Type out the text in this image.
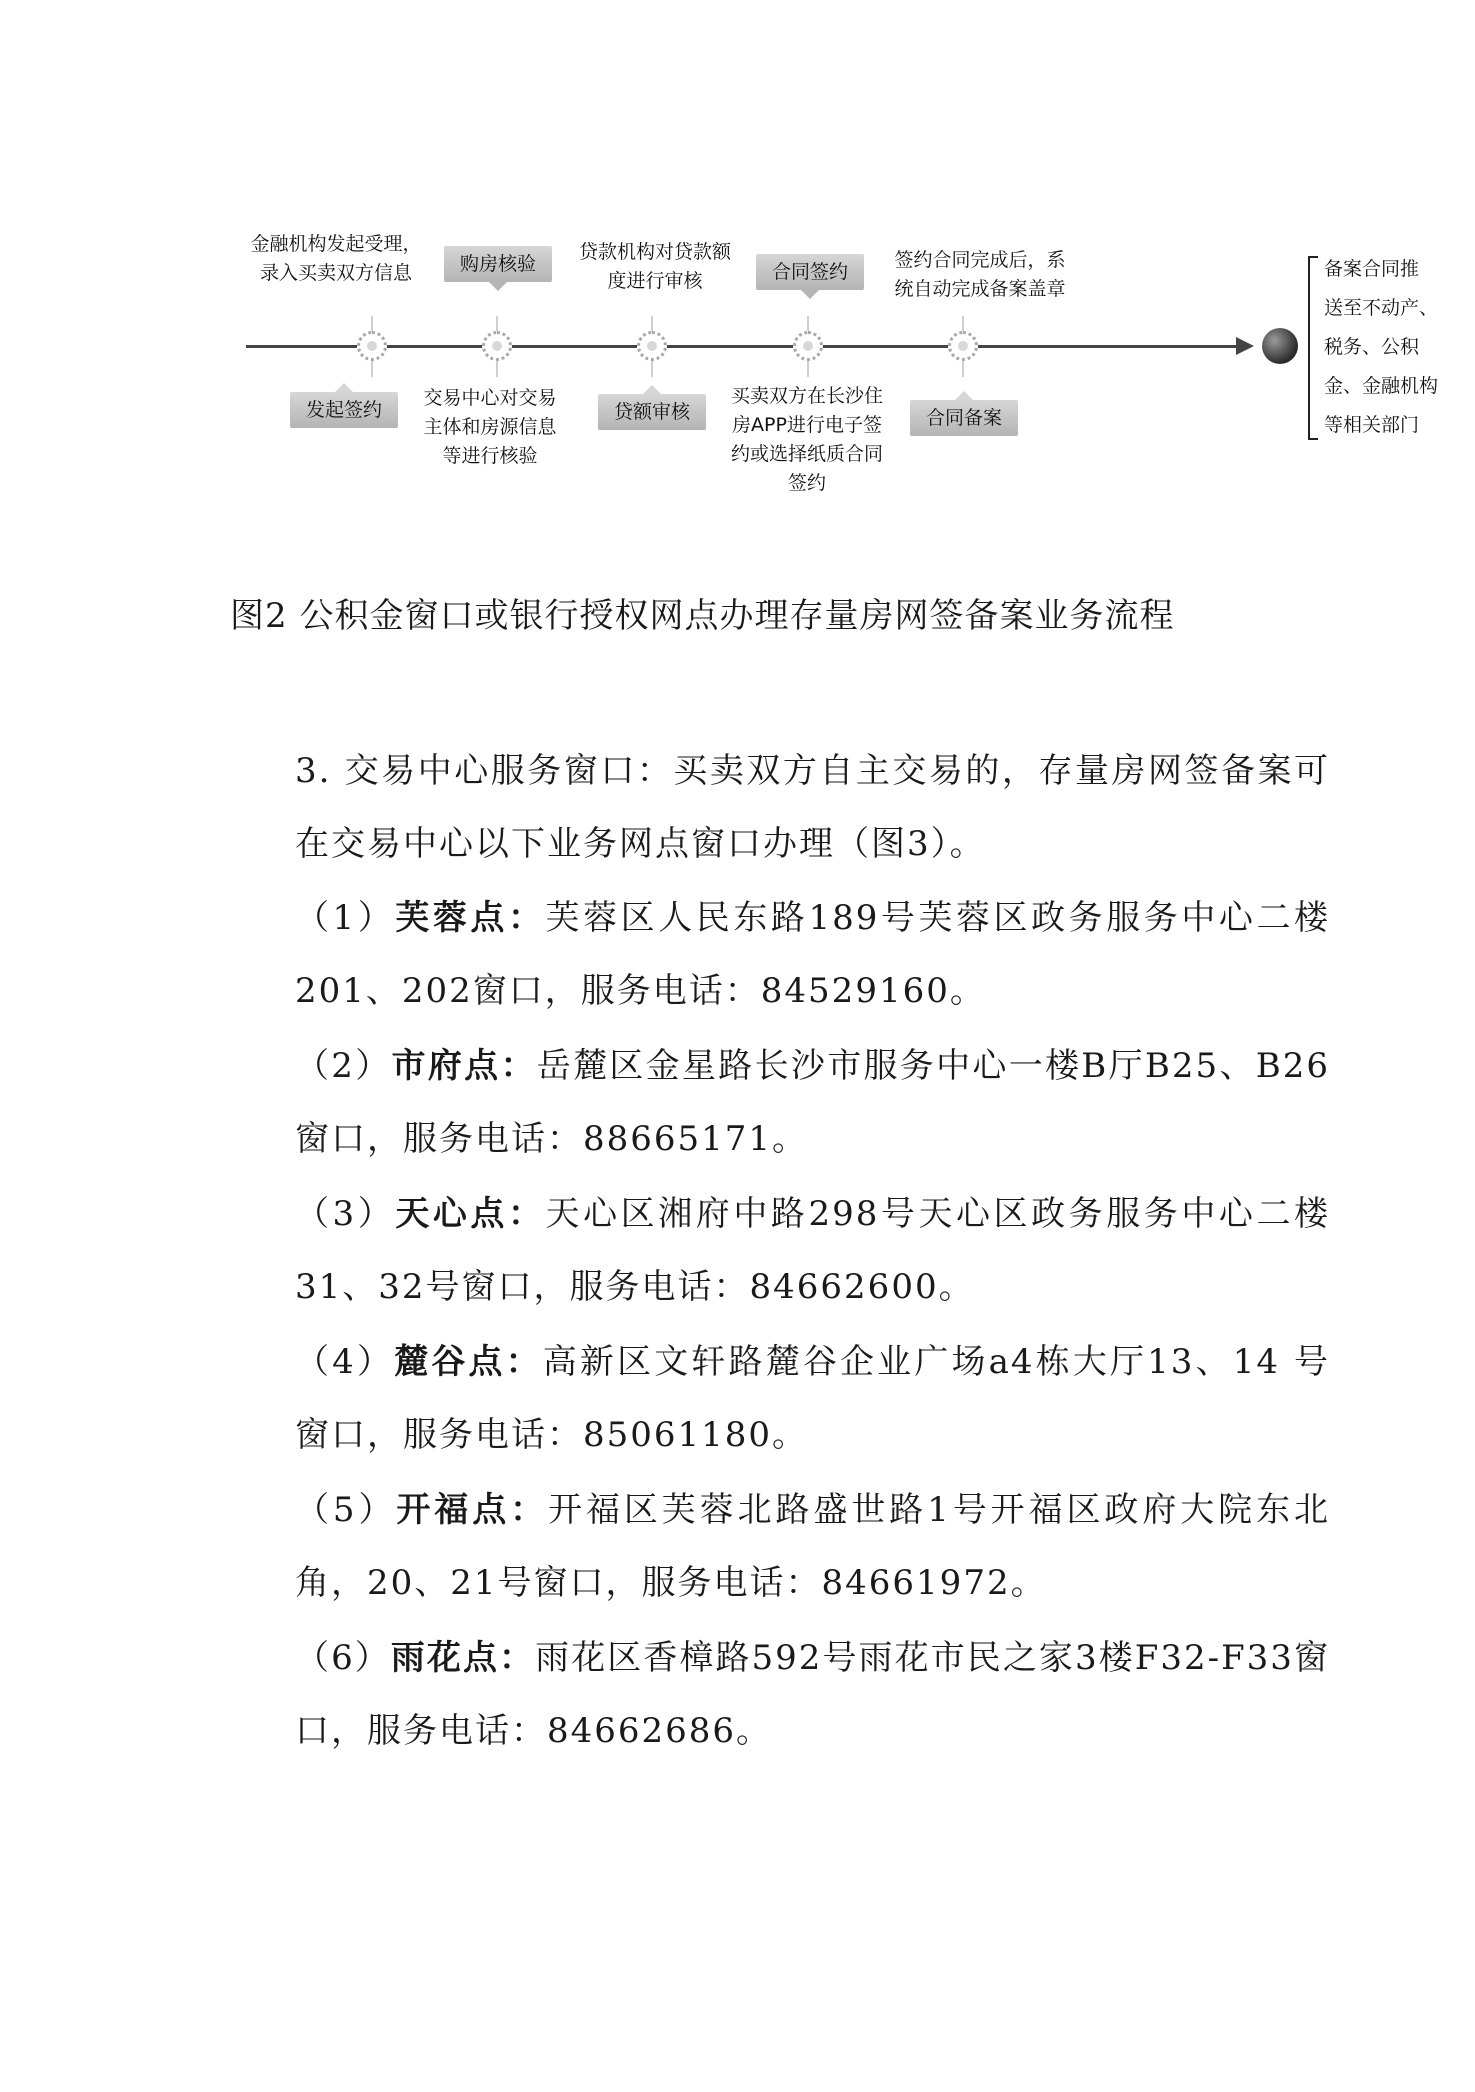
金融机构发起受理，
录入买卖双方信息	购房核验
贷款机构对贷款额
度进行审核	合同签约
签约合同完成后，系
统自动完成备案盖章
发起签约
交易中心对交易
主体和房源信息
等进行核验
贷额审核
买卖双方在长沙住
房APP进行电子签
约或选择纸质合同
签约
合同备案
备案合同推
送至不动产、
税务、公积
金、金融机构
等相关部门
图2 公积金窗口或银行授权网点办理存量房网签备案业务流程
3. 交易中心服务窗口：买卖双方自主交易的，存量房网签备案可在交易中心以下业务网点窗口办理（图3）。
（1）芙蓉点：芙蓉区人民东路189号芙蓉区政务服务中心二楼201、202窗口，服务电话：84529160。
（2）市府点：岳麓区金星路长沙市服务中心一楼B厅B25、B26窗口，服务电话：88665171。
（3）天心点：天心区湘府中路298号天心区政务服务中心二楼31、32号窗口，服务电话：84662600。
（4）麓谷点：高新区文轩路麓谷企业广场a4栋大厅13、14 号窗口，服务电话：85061180。
（5）开福点：开福区芙蓉北路盛世路1号开福区政府大院东北角，20、21号窗口，服务电话：84661972。
（6）雨花点：雨花区香樟路592号雨花市民之家3楼F32-F33窗口，服务电话：84662686。
